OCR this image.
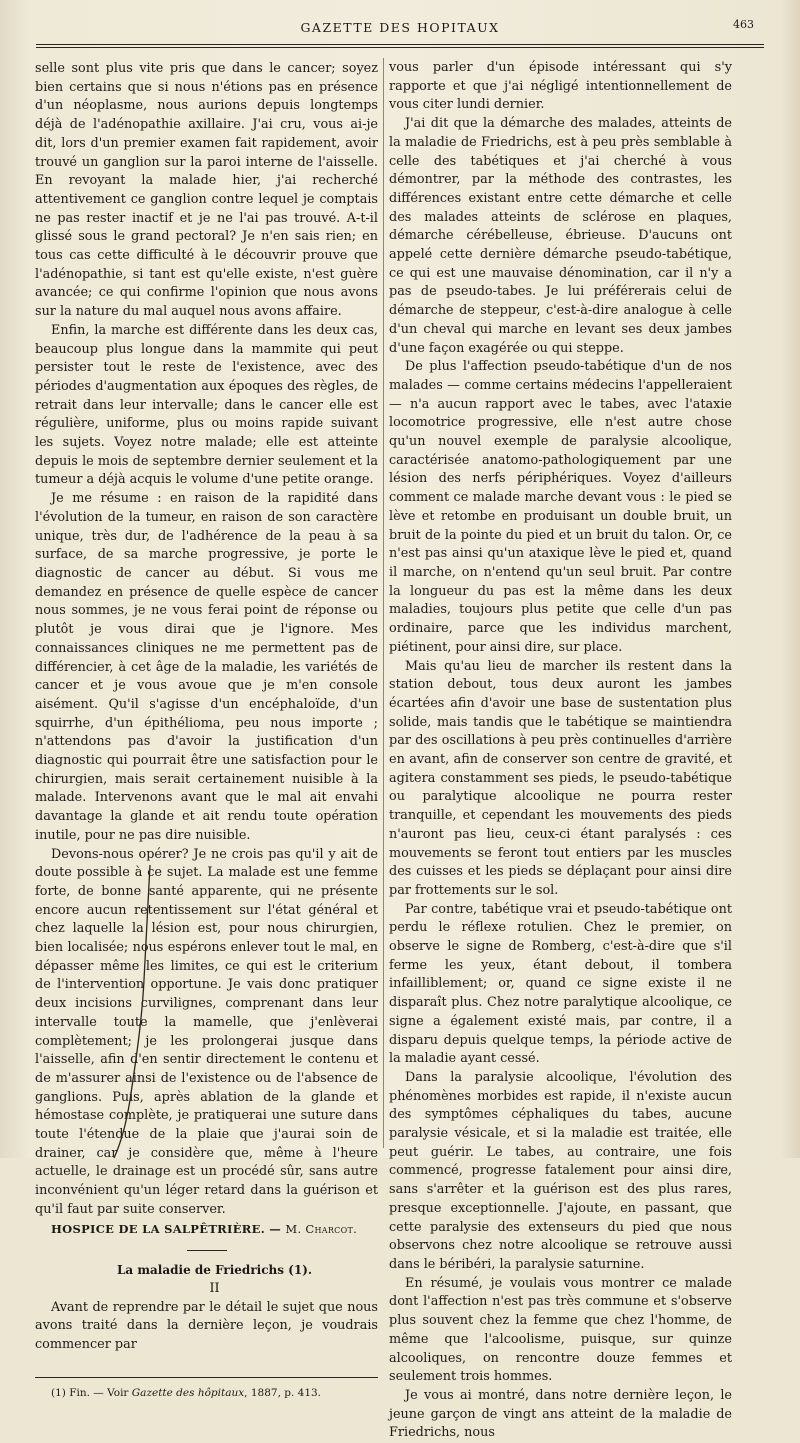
GAZETTE DES HOPITAUX	463

selle sont plus vite pris que dans le cancer; soyez bien certains que si nous n'étions pas en présence d'un néoplasme, nous aurions depuis longtemps déjà de l'adénopathie axillaire. J'ai cru, vous ai-je dit, lors d'un premier examen fait rapidement, avoir trouvé un ganglion sur la paroi interne de l'aisselle. En revoyant la malade hier, j'ai recherché attentivement ce ganglion contre lequel je comptais ne pas rester inactif et je ne l'ai pas trouvé. A-t-il glissé sous le grand pectoral? Je n'en sais rien; en tous cas cette difficulté à le découvrir prouve que l'adénopathie, si tant est qu'elle existe, n'est guère avancée; ce qui confirme l'opinion que nous avons sur la nature du mal auquel nous avons affaire.

Enfin, la marche est différente dans les deux cas, beaucoup plus longue dans la mammite qui peut persister tout le reste de l'existence, avec des périodes d'augmentation aux époques des règles, de retrait dans leur intervalle; dans le cancer elle est régulière, uniforme, plus ou moins rapide suivant les sujets. Voyez notre malade; elle est atteinte depuis le mois de septembre dernier seulement et la tumeur a déjà acquis le volume d'une petite orange.

Je me résume : en raison de la rapidité dans l'évolution de la tumeur, en raison de son caractère unique, très dur, de l'adhérence de la peau à sa surface, de sa marche progressive, je porte le diagnostic de cancer au début. Si vous me demandez en présence de quelle espèce de cancer nous sommes, je ne vous ferai point de réponse ou plutôt je vous dirai que je l'ignore. Mes connaissances cliniques ne me permettent pas de différencier, à cet âge de la maladie, les variétés de cancer et je vous avoue que je m'en console aisément. Qu'il s'agisse d'un encéphaloïde, d'un squirrhe, d'un épithélioma, peu nous importe ; n'attendons pas d'avoir la justification d'un diagnostic qui pourrait être une satisfaction pour le chirurgien, mais serait certainement nuisible à la malade. Intervenons avant que le mal ait envahi davantage la glande et ait rendu toute opération inutile, pour ne pas dire nuisible.

Devons-nous opérer? Je ne crois pas qu'il y ait de doute possible à ce sujet. La malade est une femme forte, de bonne santé apparente, qui ne présente encore aucun retentissement sur l'état général et chez laquelle la lésion est, pour nous chirurgien, bien localisée; nous espérons enlever tout le mal, en dépasser même les limites, ce qui est le criterium de l'intervention opportune. Je vais donc pratiquer deux incisions curvilignes, comprenant dans leur intervalle toute la mamelle, que j'enlèverai complètement; je les prolongerai jusque dans l'aisselle, afin d'en sentir directement le contenu et de m'assurer ainsi de l'existence ou de l'absence de ganglions. Puis, après ablation de la glande et hémostase complète, je pratiquerai une suture dans toute l'étendue de la plaie que j'aurai soin de drainer, car je considère que, même à l'heure actuelle, le drainage est un procédé sûr, sans autre inconvénient qu'un léger retard dans la guérison et qu'il faut par suite conserver.

HOSPICE DE LA SALPÊTRIÈRE. — M. Charcot.

La maladie de Friedrichs (1).

II

Avant de reprendre par le détail le sujet que nous avons traité dans la dernière leçon, je voudrais commencer par

(1) Fin. — Voir Gazette des hôpitaux, 1887, p. 413.

vous parler d'un épisode intéressant qui s'y rapporte et que j'ai négligé intentionnellement de vous citer lundi dernier.

J'ai dit que la démarche des malades, atteints de la maladie de Friedrichs, est à peu près semblable à celle des tabétiques et j'ai cherché à vous démontrer, par la méthode des contrastes, les différences existant entre cette démarche et celle des malades atteints de sclérose en plaques, démarche cérébelleuse, ébrieuse. D'aucuns ont appelé cette dernière démarche pseudo-tabétique, ce qui est une mauvaise dénomination, car il n'y a pas de pseudo-tabes. Je lui préférerais celui de démarche de steppeur, c'est-à-dire analogue à celle d'un cheval qui marche en levant ses deux jambes d'une façon exagérée ou qui steppe.

De plus l'affection pseudo-tabétique d'un de nos malades — comme certains médecins l'appelleraient — n'a aucun rapport avec le tabes, avec l'ataxie locomotrice progressive, elle n'est autre chose qu'un nouvel exemple de paralysie alcoolique, caractérisée anatomo-pathologiquement par une lésion des nerfs périphériques. Voyez d'ailleurs comment ce malade marche devant vous : le pied se lève et retombe en produisant un double bruit, un bruit de la pointe du pied et un bruit du talon. Or, ce n'est pas ainsi qu'un ataxique lève le pied et, quand il marche, on n'entend qu'un seul bruit. Par contre la longueur du pas est la même dans les deux maladies, toujours plus petite que celle d'un pas ordinaire, parce que les individus marchent, piétinent, pour ainsi dire, sur place.

Mais qu'au lieu de marcher ils restent dans la station debout, tous deux auront les jambes écartées afin d'avoir une base de sustentation plus solide, mais tandis que le tabétique se maintiendra par des oscillations à peu près continuelles d'arrière en avant, afin de conserver son centre de gravité, et agitera constamment ses pieds, le pseudo-tabétique ou paralytique alcoolique ne pourra rester tranquille, et cependant les mouvements des pieds n'auront pas lieu, ceux-ci étant paralysés : ces mouvements se feront tout entiers par les muscles des cuisses et les pieds se déplaçant pour ainsi dire par frottements sur le sol.

Par contre, tabétique vrai et pseudo-tabétique ont perdu le réflexe rotulien. Chez le premier, on observe le signe de Romberg, c'est-à-dire que s'il ferme les yeux, étant debout, il tombera infailliblement; or, quand ce signe existe il ne disparaît plus. Chez notre paralytique alcoolique, ce signe a également existé mais, par contre, il a disparu depuis quelque temps, la période active de la maladie ayant cessé.

Dans la paralysie alcoolique, l'évolution des phénomènes morbides est rapide, il n'existe aucun des symptômes céphaliques du tabes, aucune paralysie vésicale, et si la maladie est traitée, elle peut guérir. Le tabes, au contraire, une fois commencé, progresse fatalement pour ainsi dire, sans s'arrêter et la guérison est des plus rares, presque exceptionnelle. J'ajoute, en passant, que cette paralysie des extenseurs du pied que nous observons chez notre alcoolique se retrouve aussi dans le béribéri, la paralysie saturnine.

En résumé, je voulais vous montrer ce malade dont l'affection n'est pas très commune et s'observe plus souvent chez la femme que chez l'homme, de même que l'alcoolisme, puisque, sur quinze alcooliques, on rencontre douze femmes et seulement trois hommes.

Je vous ai montré, dans notre dernière leçon, le jeune garçon de vingt ans atteint de la maladie de Friedrichs, nous
